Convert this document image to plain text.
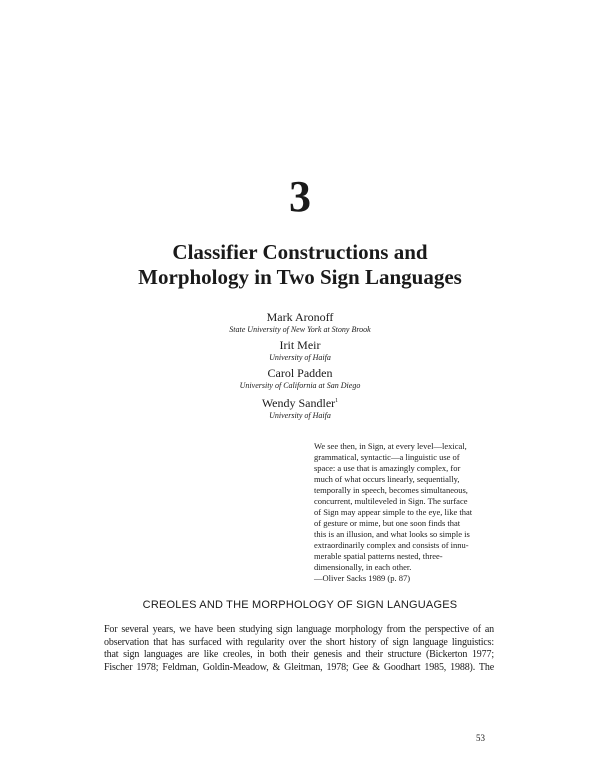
3
Classifier Constructions and
Morphology in Two Sign Languages
Mark Aronoff
State University of New York at Stony Brook
Irit Meir
University of Haifa
Carol Padden
University of California at San Diego
Wendy Sandler$^1$
University of Haifa
We see then, in Sign, at every level—lexical,
grammatical, syntactic—a linguistic use of
space: a use that is amazingly complex, for
much of what occurs linearly, sequentially,
temporally in speech, becomes simultaneous,
concurrent, multileveled in Sign. The surface
of Sign may appear simple to the eye, like that
of gesture or mime, but one soon finds that
this is an illusion, and what looks so simple is
extraordinarily complex and consists of innu-
merable spatial patterns nested, three-
dimensionally, in each other.
—Oliver Sacks 1989 (p. 87)
CREOLES AND THE MORPHOLOGY OF SIGN LANGUAGES
For several years, we have been studying sign language morphology from the perspective of an
observation that has surfaced with regularity over the short history of sign language linguistics:
that sign languages are like creoles, in both their genesis and their structure (Bickerton 1977;
Fischer 1978; Feldman, Goldin-Meadow, & Gleitman, 1978; Gee & Goodhart 1985, 1988). The
53
